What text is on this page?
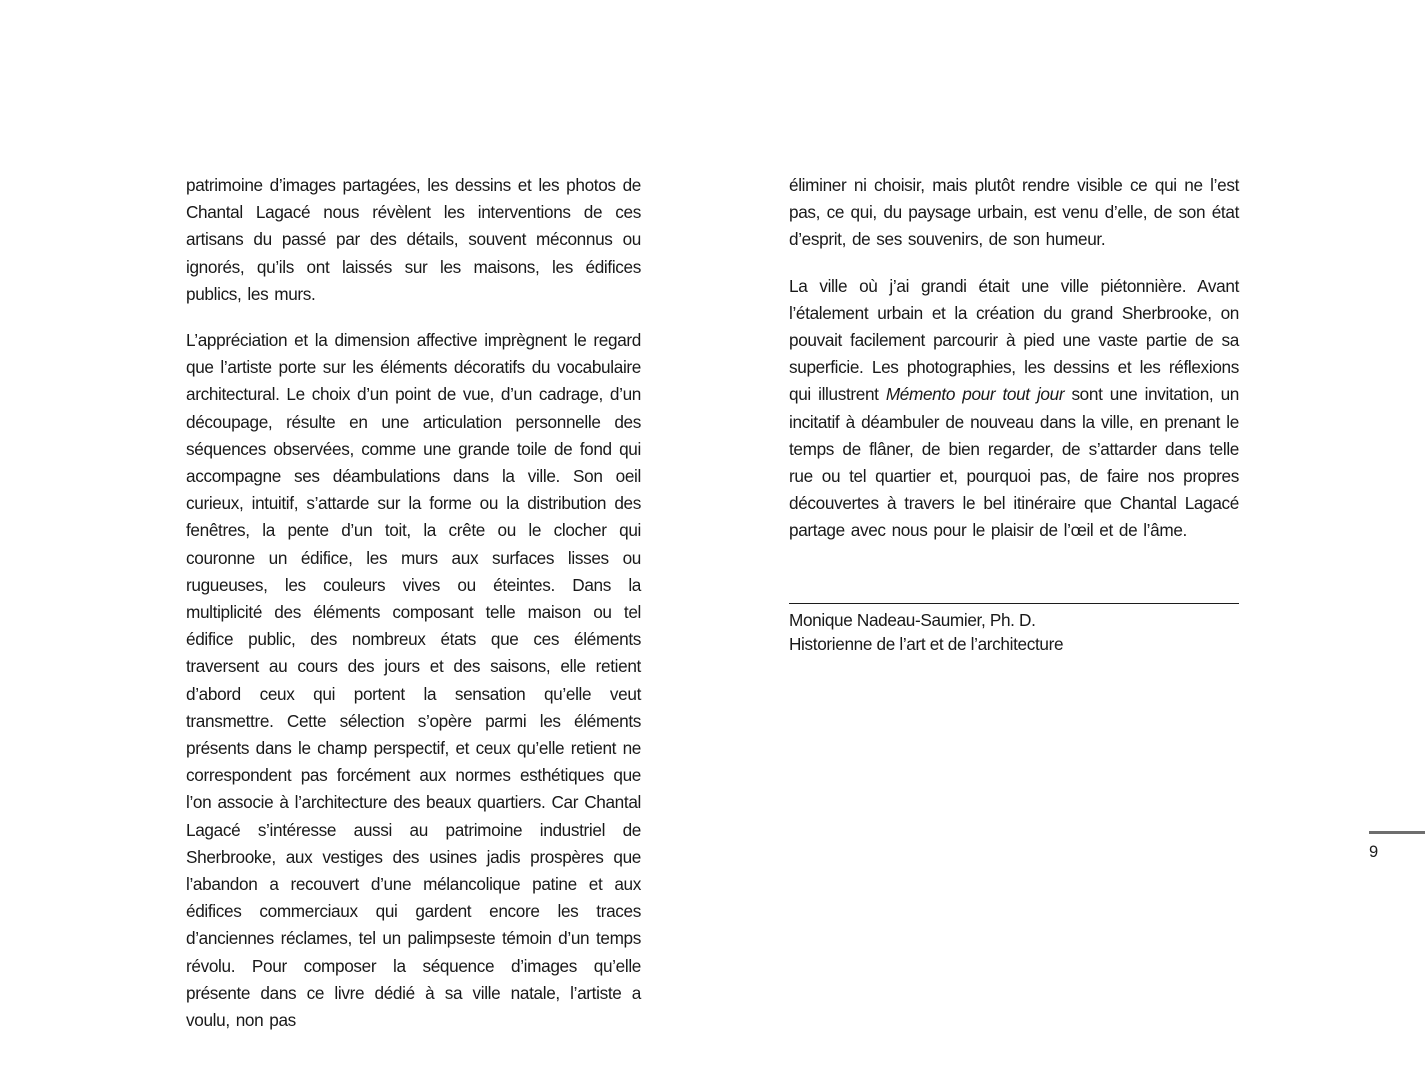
patrimoine d’images partagées, les dessins et les photos de Chantal Lagacé nous révèlent les interventions de ces artisans du passé par des détails, souvent méconnus ou ignorés, qu’ils ont laissés sur les maisons, les édifices publics, les murs.

L’appréciation et la dimension affective imprègnent le regard que l’artiste porte sur les éléments décoratifs du vocabulaire architectural. Le choix d’un point de vue, d’un cadrage, d’un découpage, résulte en une articulation personnelle des séquences observées, comme une grande toile de fond qui accompagne ses déambulations dans la ville. Son oeil curieux, intuitif, s’attarde sur la forme ou la distribution des fenêtres, la pente d’un toit, la crête ou le clocher qui couronne un édifice, les murs aux surfaces lisses ou rugueuses, les couleurs vives ou éteintes. Dans la multiplicité des éléments composant telle maison ou tel édifice public, des nombreux états que ces éléments traversent au cours des jours et des saisons, elle retient d’abord ceux qui portent la sensation qu’elle veut transmettre. Cette sélection s’opère parmi les éléments présents dans le champ perspectif, et ceux qu’elle retient ne correspondent pas forcément aux normes esthétiques que l’on associe à l’architecture des beaux quartiers. Car Chantal Lagacé s’intéresse aussi au patrimoine industriel de Sherbrooke, aux vestiges des usines jadis prospères que l’abandon a recouvert d’une mélancolique patine et aux édifices commerciaux qui gardent encore les traces d’anciennes réclames, tel un palimpseste témoin d’un temps révolu. Pour composer la séquence d’images qu’elle présente dans ce livre dédié à sa ville natale, l’artiste a voulu, non pas

éliminer ni choisir, mais plutôt rendre visible ce qui ne l’est pas, ce qui, du paysage urbain, est venu d’elle, de son état d’esprit, de ses souvenirs, de son humeur.

La ville où j’ai grandi était une ville piétonnière. Avant l’étalement urbain et la création du grand Sherbrooke, on pouvait facilement parcourir à pied une vaste partie de sa superficie. Les photographies, les dessins et les réflexions qui illustrent Mémento pour tout jour sont une invitation, un incitatif à déambuler de nouveau dans la ville, en prenant le temps de flâner, de bien regarder, de s’attarder dans telle rue ou tel quartier et, pourquoi pas, de faire nos propres découvertes à travers le bel itinéraire que Chantal Lagacé partage avec nous pour le plaisir de l’œil et de l’âme.

Monique Nadeau-Saumier, Ph. D.
Historienne de l’art et de l’architecture
9
